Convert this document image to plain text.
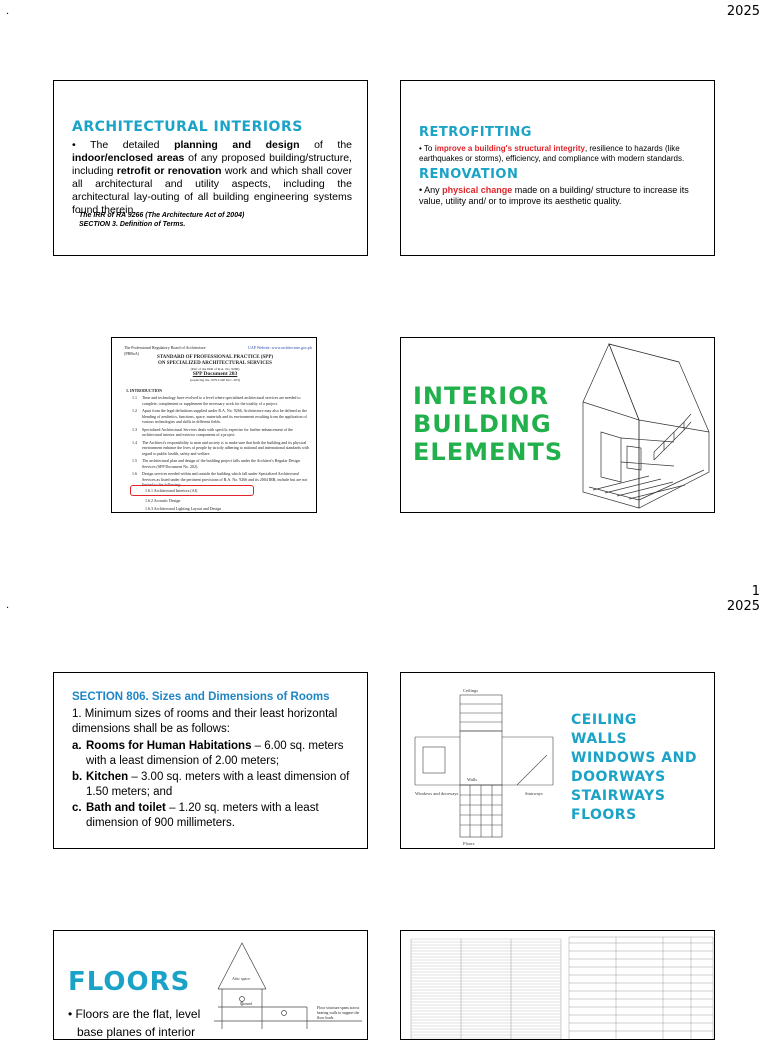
.	2025
ARCHITECTURAL INTERIORS
• The detailed planning and design of the indoor/enclosed areas of any proposed building/structure, including retrofit or renovation work and which shall cover all architectural and utility aspects, including the architectural lay-outing of all building engineering systems found therein.
The IRR of RA 9266 (The Architecture Act of 2004)
SECTION 3. Definition of Terms.
RETROFITTING
• To improve a building's structural integrity, resilience to hazards (like earthquakes or storms), efficiency, and compliance with modern standards.
RENOVATION
• Any physical change made on a building/ structure to increase its value, utility and/ or to improve its aesthetic quality.
The Professional Regulatory Board of Architecture (PRBoA)
UAP Website: www.architecture.gov.ph
STANDARD OF PROFESSIONAL PRACTICE (SPP)
ON SPECIALIZED ARCHITECTURAL SERVICES
(Part of the IRR of R.A. No. 9266)
SPP Document 203
(replacing the 1979 UAP Doc. 203)
1. INTRODUCTION
1.1	Time and technology have evolved to a level where specialized architectural services are needed to complete, complement or supplement the necessary work for the totality of a project.
1.2	Apart from the legal definitions supplied under R.A. No. 9266, Architecture may also be defined as the blending of aesthetics, functions, space, materials and its environment resulting from the application of various technologies and skills in different fields.
1.3	Specialized Architectural Services deals with specific expertise for further enhancement of the architectural interior and exterior components of a project.
1.4	The Architect's responsibility to man and society is to make sure that both the building and its physical environment enhance the lives of people by strictly adhering to national and international standards with regard to public health, safety and welfare.
1.5	The architectural plan and design of the building project falls under the Architect's Regular Design Services (SPP Document No. 202).
1.6	Design services needed within and outside the building which fall under Specialized Architectural Services as listed under the pertinent provisions of R.A. No. 9266 and its 2004 IRR, include but are not limited to the following:
1.6.1 Architectural Interiors (AI)
1.6.2 Acoustic Design
1.6.3 Architectural Lighting Layout and Design
INTERIOR
BUILDING
ELEMENTS
.
1
2025
SECTION 806. Sizes and Dimensions of Rooms
1. Minimum sizes of rooms and their least horizontal dimensions shall be as follows:
a. Rooms for Human Habitations – 6.00 sq. meters with a least dimension of 2.00 meters;
b. Kitchen – 3.00 sq. meters with a least dimension of 1.50 meters; and
c. Bath and toilet – 1.20 sq. meters with a least dimension of 900 millimeters.
Ceilings
Walls
Windows and doorways	Stairways
Floors
CEILING
WALLS
WINDOWS AND
DOORWAYS
STAIRWAYS
FLOORS
FLOORS
• Floors are the flat, level
base planes of interior
Attic space
Ground
Floor structure spans across bearing walls to support the floor loads
